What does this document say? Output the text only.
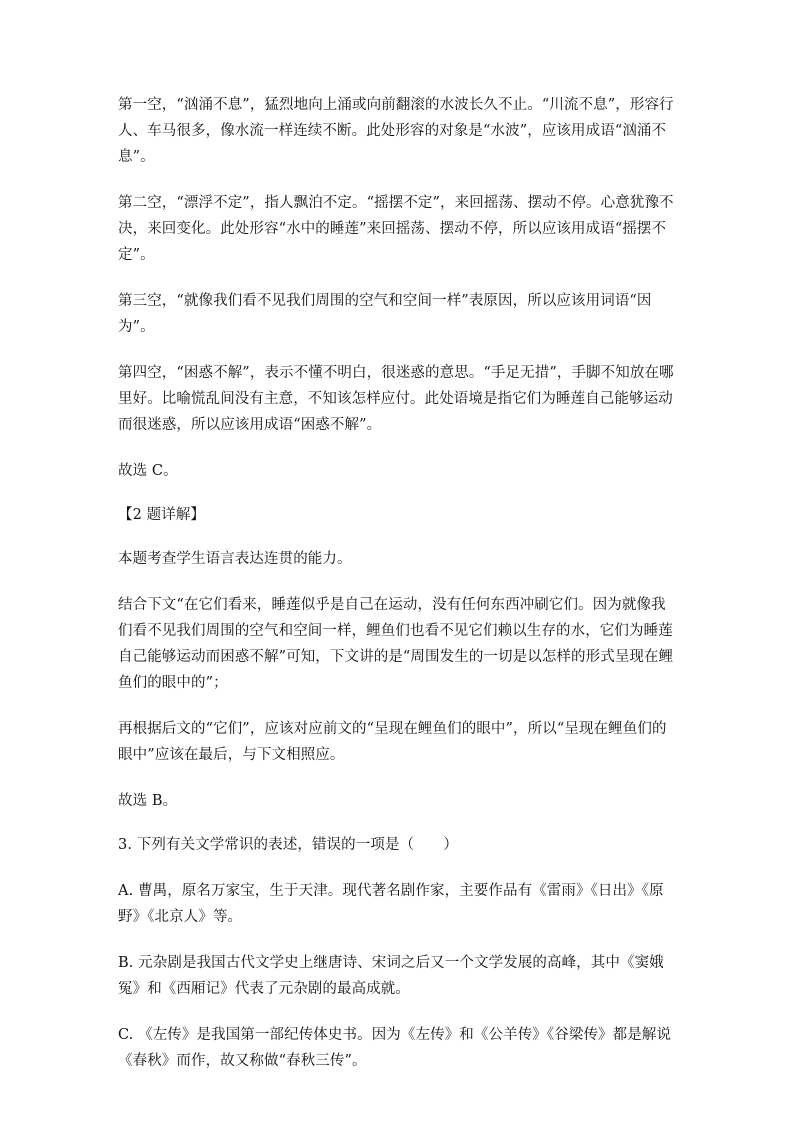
第一空，“汹涌不息”，猛烈地向上涌或向前翻滚的水波长久不止。“川流不息”，形容行人、车马很多，像水流一样连续不断。此处形容的对象是“水波”，应该用成语“汹涌不息”。

第二空，“漂浮不定”，指人飘泊不定。“摇摆不定”，来回摇荡、摆动不停。心意犹豫不决，来回变化。此处形容“水中的睡莲”来回摇荡、摆动不停，所以应该用成语“摇摆不定”。

第三空，“就像我们看不见我们周围的空气和空间一样”表原因，所以应该用词语“因为”。

第四空，“困惑不解”，表示不懂不明白，很迷惑的意思。“手足无措”，手脚不知放在哪里好。比喻慌乱间没有主意，不知该怎样应付。此处语境是指它们为睡莲自己能够运动而很迷惑，所以应该用成语“困惑不解”。

故选 C。

【2 题详解】

本题考查学生语言表达连贯的能力。

结合下文“在它们看来，睡莲似乎是自己在运动，没有任何东西冲刷它们。因为就像我们看不见我们周围的空气和空间一样，鲤鱼们也看不见它们赖以生存的水，它们为睡莲自己能够运动而困惑不解”可知，下文讲的是“周围发生的一切是以怎样的形式呈现在鲤鱼们的眼中的”；

再根据后文的“它们”，应该对应前文的“呈现在鲤鱼们的眼中”，所以“呈现在鲤鱼们的眼中”应该在最后，与下文相照应。

故选 B。

3. 下列有关文学常识的表述，错误的一项是（　　）

A. 曹禺，原名万家宝，生于天津。现代著名剧作家，主要作品有《雷雨》《日出》《原野》《北京人》等。

B. 元杂剧是我国古代文学史上继唐诗、宋词之后又一个文学发展的高峰，其中《窦娥冤》和《西厢记》代表了元杂剧的最高成就。

C. 《左传》是我国第一部纪传体史书。因为《左传》和《公羊传》《谷梁传》都是解说《春秋》而作，故又称做“春秋三传”。
